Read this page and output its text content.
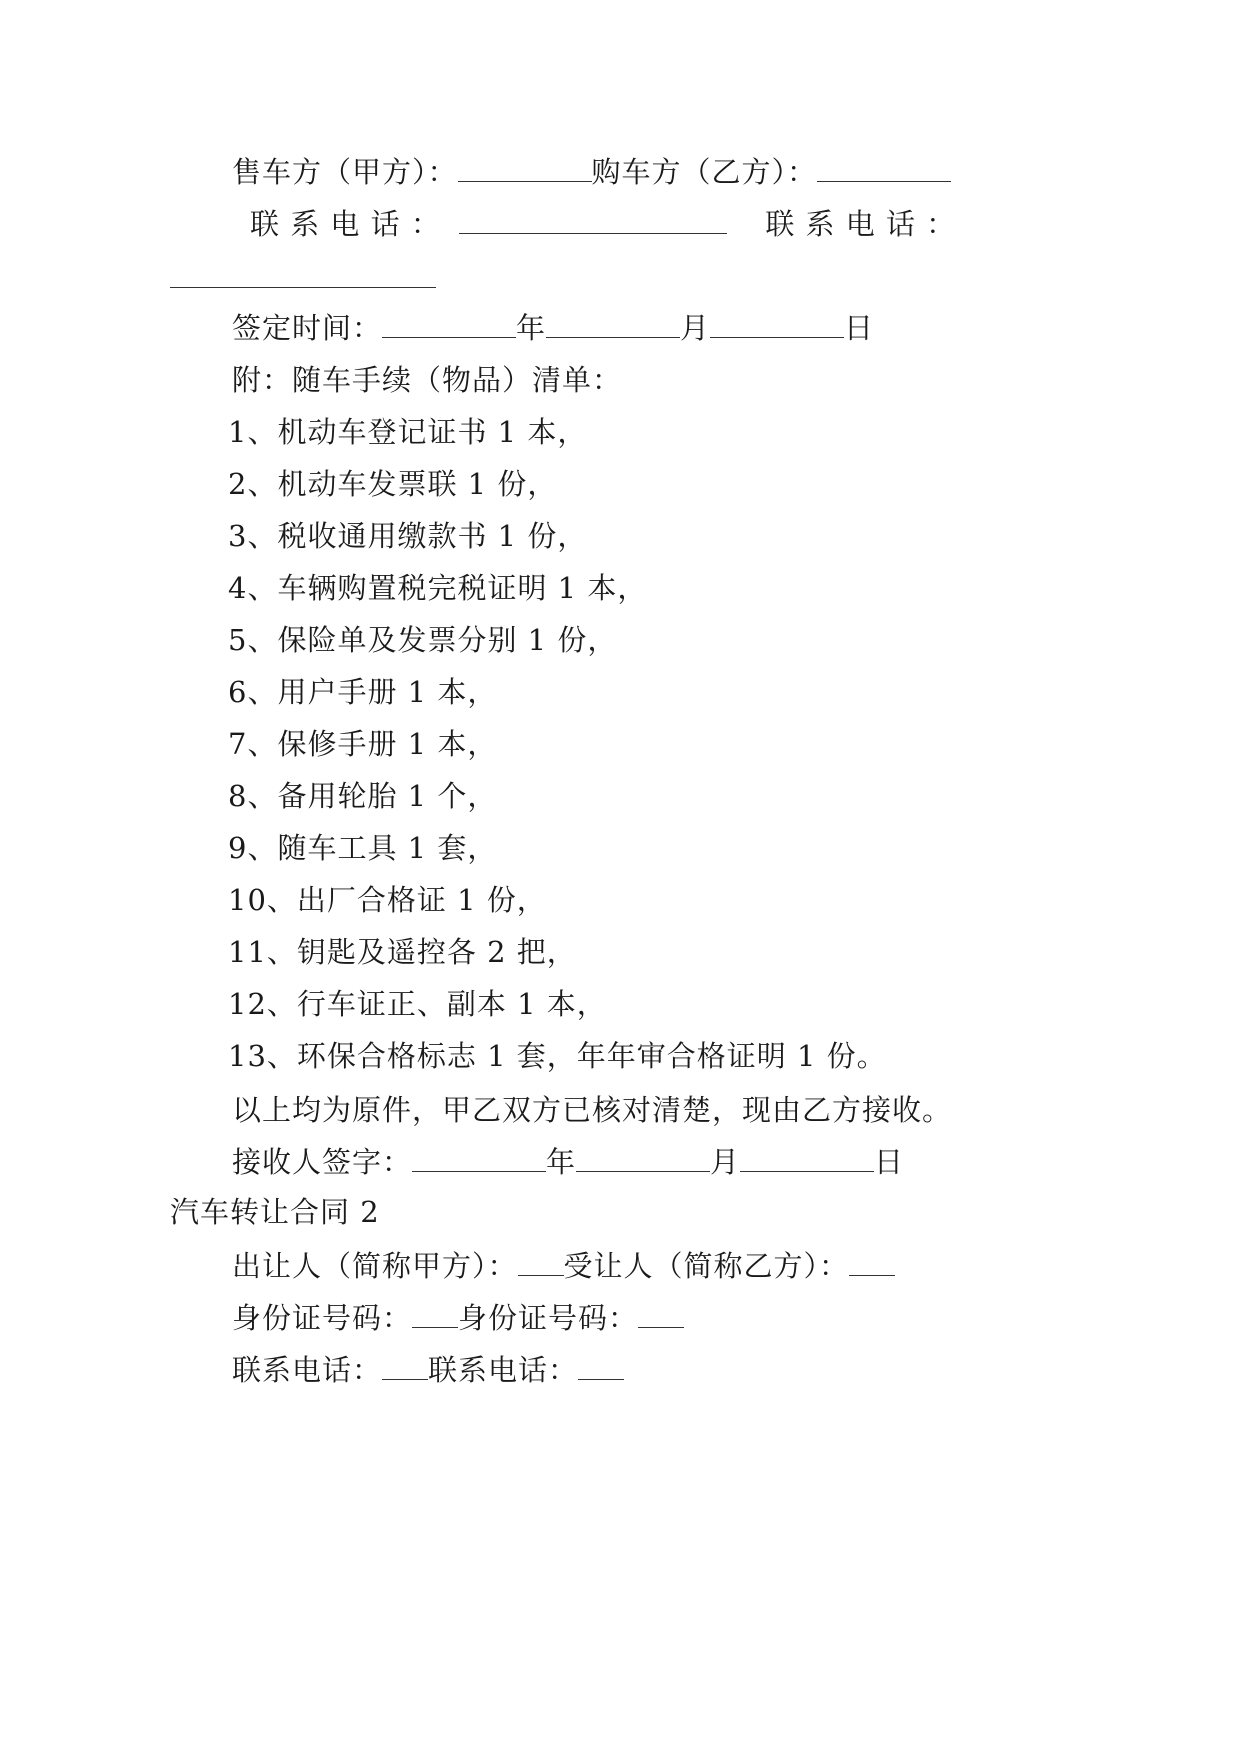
售车方（甲方）：	购车方（乙方）：
联 系 电 话 ：	联 系 电 话 ：
签定时间：	年	月	日
附：随车手续（物品）清单：
1、机动车登记证书 1 本，
2、机动车发票联 1 份，
3、税收通用缴款书 1 份，
4、车辆购置税完税证明 1 本，
5、保险单及发票分别 1 份，
6、用户手册 1 本，
7、保修手册 1 本，
8、备用轮胎 1 个，
9、随车工具 1 套，
10、出厂合格证 1 份，
11、钥匙及遥控各 2 把，
12、行车证正、副本 1 本，
13、环保合格标志 1 套，年年审合格证明 1 份。
以上均为原件，甲乙双方已核对清楚，现由乙方接收。
接收人签字：	年	月	日
汽车转让合同 2
出让人（简称甲方）： 受让人（简称乙方）：
身份证号码： 身份证号码：
联系电话： 联系电话：
